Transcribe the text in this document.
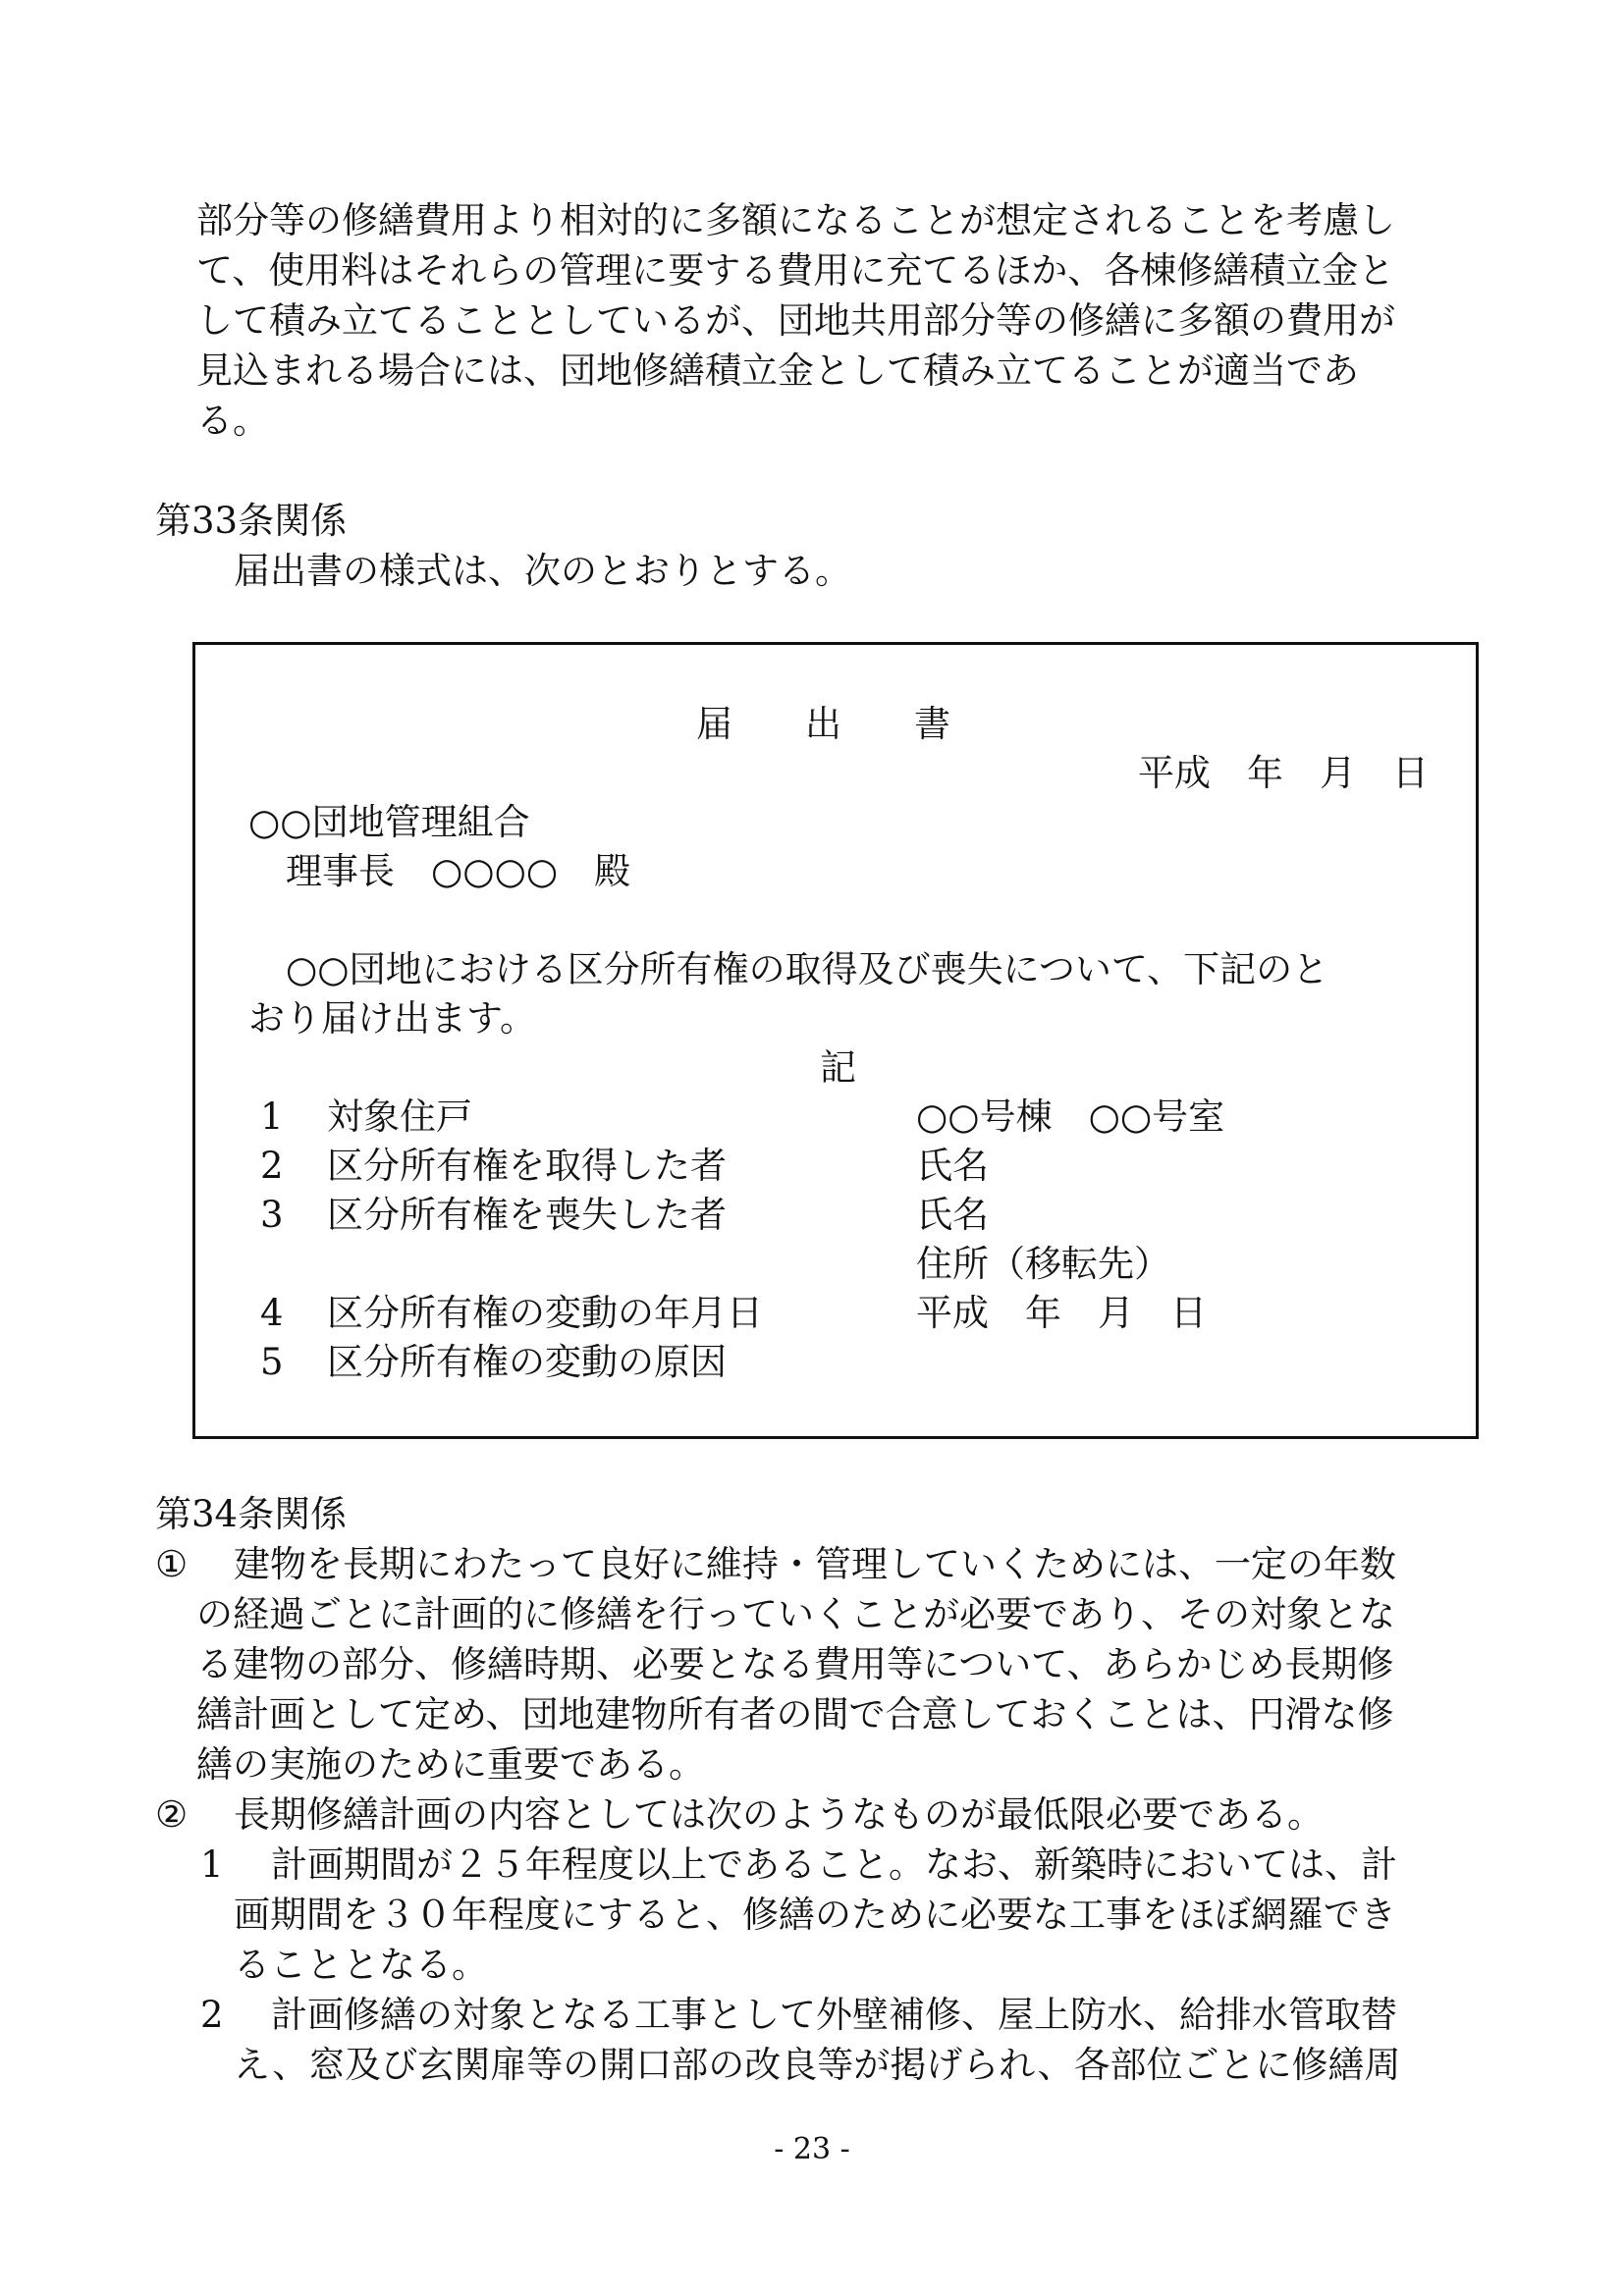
部分等の修繕費用より相対的に多額になることが想定されることを考慮し
て、使用料はそれらの管理に要する費用に充てるほか、各棟修繕積立金と
して積み立てることとしているが、団地共用部分等の修繕に多額の費用が
見込まれる場合には、団地修繕積立金として積み立てることが適当であ
る。
第33条関係
届出書の様式は、次のとおりとする。
届　　出　　書
平成　年　月　日
○○団地管理組合
理事長　○○○○　殿
○○団地における区分所有権の取得及び喪失について、下記のと
おり届け出ます。
記
1 対象住戸	○○号棟　○○号室
2 区分所有権を取得した者	氏名
3 区分所有権を喪失した者	氏名
住所（移転先）
4 区分所有権の変動の年月日	平成　年　月　日
5 区分所有権の変動の原因
第34条関係
① 建物を長期にわたって良好に維持・管理していくためには、一定の年数
の経過ごとに計画的に修繕を行っていくことが必要であり、その対象とな
る建物の部分、修繕時期、必要となる費用等について、あらかじめ長期修
繕計画として定め、団地建物所有者の間で合意しておくことは、円滑な修
繕の実施のために重要である。
② 長期修繕計画の内容としては次のようなものが最低限必要である。
1 計画期間が２５年程度以上であること。なお、新築時においては、計
画期間を３０年程度にすると、修繕のために必要な工事をほぼ網羅でき
ることとなる。
2 計画修繕の対象となる工事として外壁補修、屋上防水、給排水管取替
え、窓及び玄関扉等の開口部の改良等が掲げられ、各部位ごとに修繕周
- 23 -
